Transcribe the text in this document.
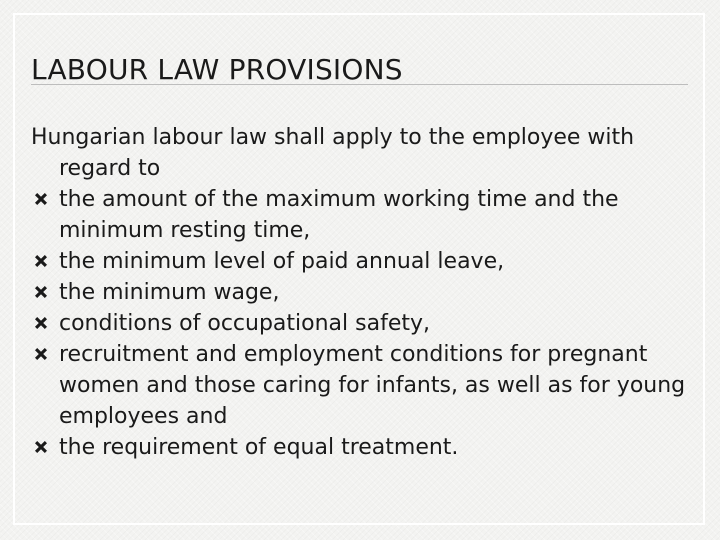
LABOUR LAW PROVISIONS

Hungarian labour law shall apply to the employee with regard to

the amount of the maximum working time and the minimum resting time,
the minimum level of paid annual leave,
the minimum wage,
conditions of occupational safety,
recruitment and employment conditions for pregnant women and those caring for infants, as well as for young employees and
the requirement of equal treatment.
